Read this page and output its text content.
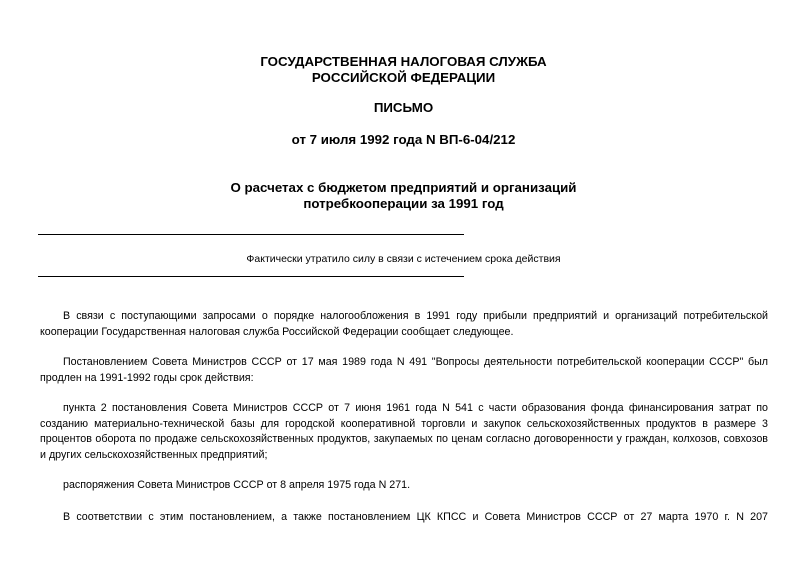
ГОСУДАРСТВЕННАЯ НАЛОГОВАЯ СЛУЖБА
РОССИЙСКОЙ ФЕДЕРАЦИИ
ПИСЬМО
от 7 июля 1992 года N ВП-6-04/212
О расчетах с бюджетом предприятий и организаций
потребкооперации за 1991 год
Фактически утратило силу в связи с истечением срока действия
В связи с поступающими запросами о порядке налогообложения в 1991 году прибыли предприятий и организаций потребительской кооперации Государственная налоговая служба Российской Федерации сообщает следующее.
Постановлением Совета Министров СССР от 17 мая 1989 года N 491 "Вопросы деятельности потребительской кооперации СССР" был продлен на 1991-1992 годы срок действия:
пункта 2 постановления Совета Министров СССР от 7 июня 1961 года N 541 с части образования фонда финансирования затрат по созданию материально-технической базы для городской кооперативной торговли и закупок сельскохозяйственных продуктов в размере 3 процентов оборота по продаже сельскохозяйственных продуктов, закупаемых по ценам согласно договоренности у граждан, колхозов, совхозов и других сельскохозяйственных предприятий;
распоряжения Совета Министров СССР от 8 апреля 1975 года N 271.
В соответствии с этим постановлением, а также постановлением ЦК КПСС и Совета Министров СССР от 27 марта 1970 г. N 207
